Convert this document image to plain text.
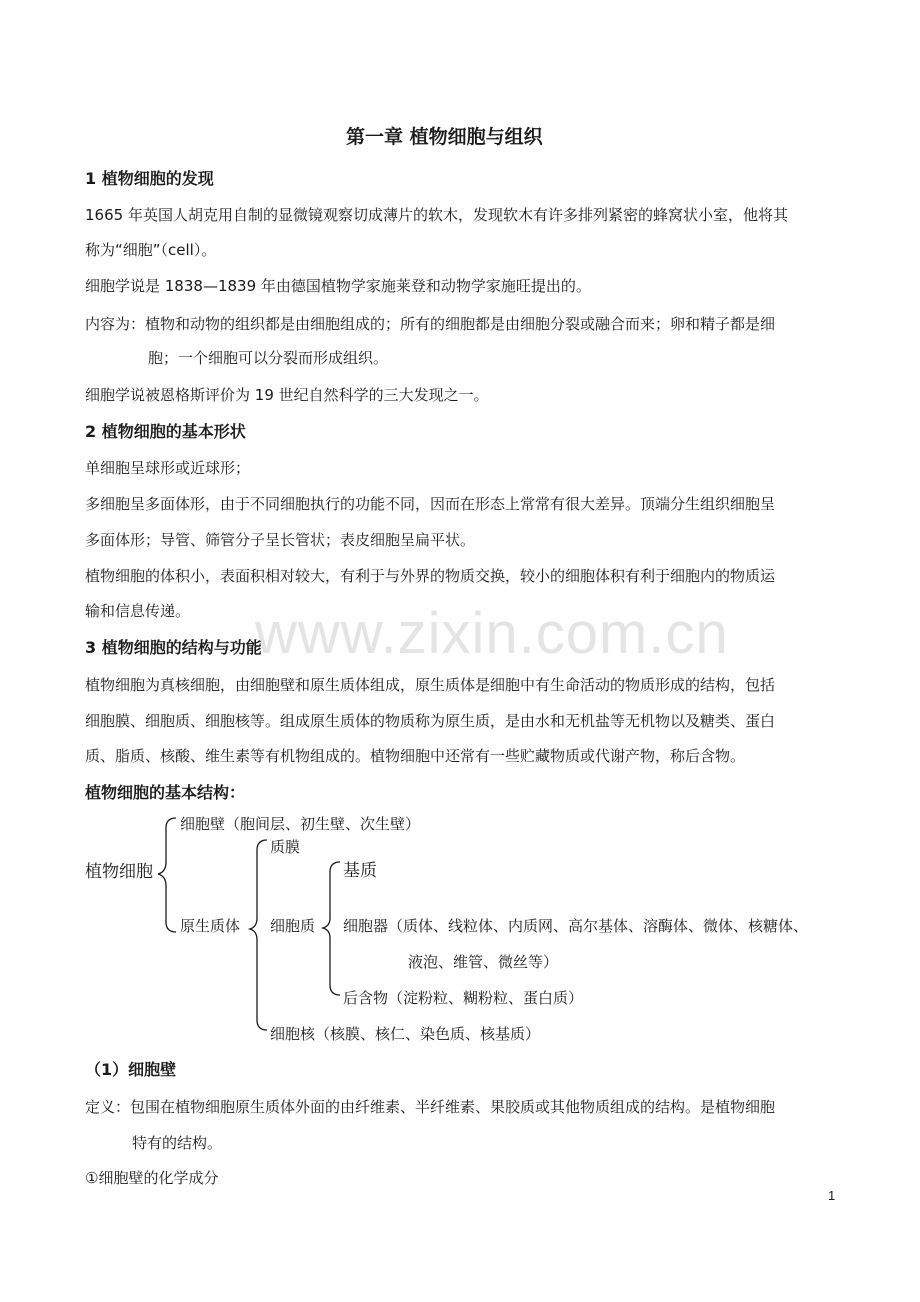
www.zixin.com.cn
第一章 植物细胞与组织
1 植物细胞的发现
1665 年英国人胡克用自制的显微镜观察切成薄片的软木，发现软木有许多排列紧密的蜂窝状小室，他将其
称为“细胞”（cell）。
细胞学说是 1838—1839 年由德国植物学家施莱登和动物学家施旺提出的。
内容为：植物和动物的组织都是由细胞组成的；所有的细胞都是由细胞分裂或融合而来；卵和精子都是细
胞；一个细胞可以分裂而形成组织。
细胞学说被恩格斯评价为 19 世纪自然科学的三大发现之一。
2 植物细胞的基本形状
单细胞呈球形或近球形；
多细胞呈多面体形，由于不同细胞执行的功能不同，因而在形态上常常有很大差异。顶端分生组织细胞呈
多面体形；导管、筛管分子呈长管状；表皮细胞呈扁平状。
植物细胞的体积小，表面积相对较大，有利于与外界的物质交换，较小的细胞体积有利于细胞内的物质运
输和信息传递。
3 植物细胞的结构与功能
植物细胞为真核细胞，由细胞壁和原生质体组成，原生质体是细胞中有生命活动的物质形成的结构，包括
细胞膜、细胞质、细胞核等。组成原生质体的物质称为原生质，是由水和无机盐等无机物以及糖类、蛋白
质、脂质、核酸、维生素等有机物组成的。植物细胞中还常有一些贮藏物质或代谢产物，称后含物。
植物细胞的基本结构：
细胞壁（胞间层、初生壁、次生壁）
植物细胞
质膜
原生质体
基质
细胞质 细胞器（质体、线粒体、内质网、高尔基体、溶酶体、微体、核糖体、
液泡、维管、微丝等）
后含物（淀粉粒、糊粉粒、蛋白质）
细胞核（核膜、核仁、染色质、核基质）
（1）细胞壁
定义：包围在植物细胞原生质体外面的由纤维素、半纤维素、果胶质或其他物质组成的结构。是植物细胞
特有的结构。
①细胞壁的化学成分
1
